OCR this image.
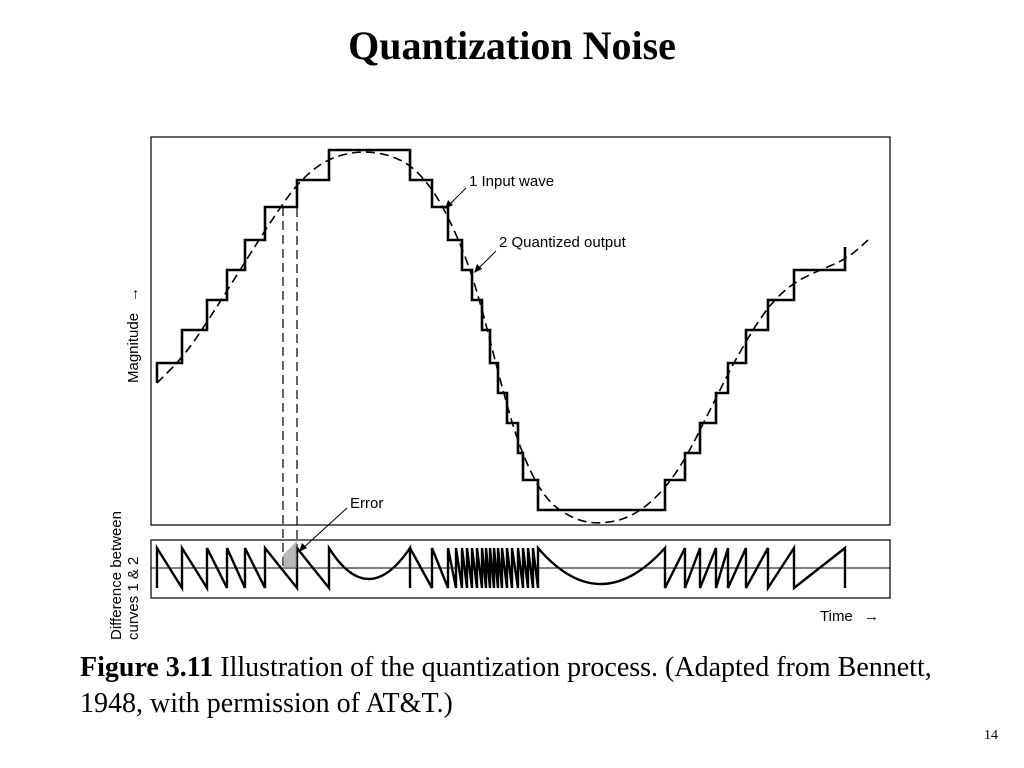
Quantization Noise
1 Input wave
2 Quantized output
Error
Magnitude
→
Difference between curves 1 & 2	Time →
Figure 3.11 Illustration of the quantization process. (Adapted from Bennett, 1948, with permission of AT&T.)
14
